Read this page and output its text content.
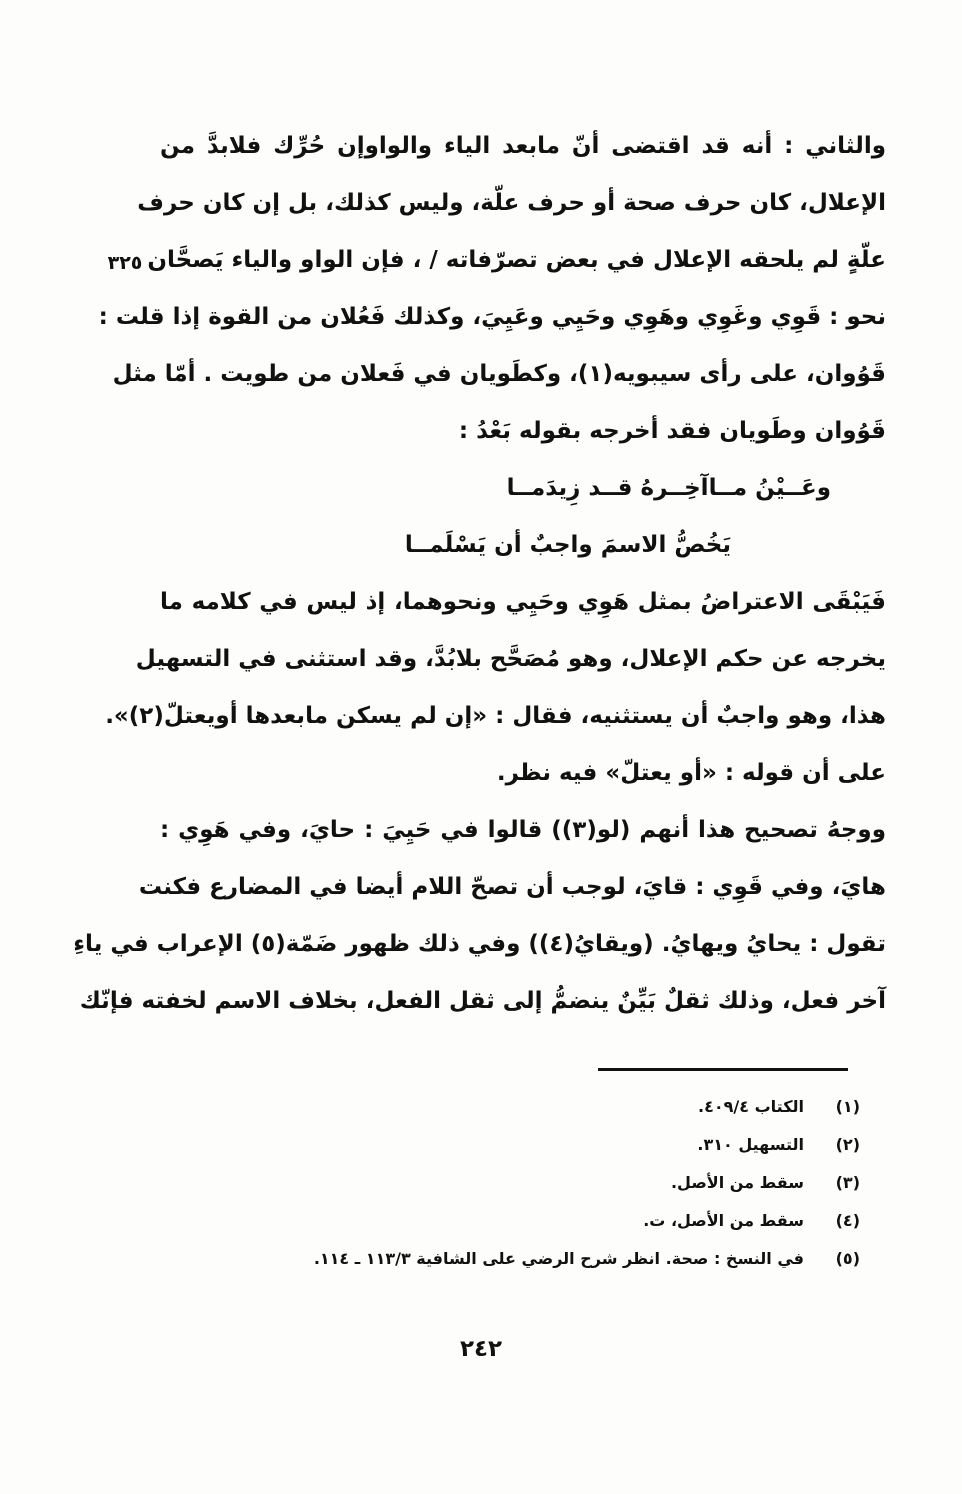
٣٢٥
والثاني : أنه قد اقتضى أنّ مابعد الياء والواوإن حُرِّك فلابدَّ من
الإعلال، كان حرف صحة أو حرف علّة، وليس كذلك، بل إن كان حرف
علّةٍ لم يلحقه الإعلال في بعض تصرّفاته / ، فإن الواو والياء يَصحَّان
نحو : قَوِي وغَوِي وهَوِي وحَيِي وعَيِيَ، وكذلك فَعُلان من القوة إذا قلت :
قَوُوان، على رأى سيبويه(١)، وكطَويان في فَعلان من طويت . أمّا مثل
قَوُوان وطَويان فقد أخرجه بقوله بَعْدُ :
وعَــيْنُ مــاآخِــرهُ قــد زِيدَمــا
يَخُصُّ الاسمَ واجبٌ أن يَسْلَمــا
فَيَبْقَى الاعتراضُ بمثل هَوِي وحَيِي ونحوهما، إذ ليس في كلامه ما
يخرجه عن حكم الإعلال، وهو مُصَحَّح بلابُدَّ، وقد استثنى في التسهيل
هذا، وهو واجبٌ أن يستثنيه، فقال : «إن لم يسكن مابعدها أويعتلّ(٢)».
على أن قوله : «أو يعتلّ» فيه نظر.
ووجهُ تصحيح هذا أنهم (لو(٣)) قالوا في حَيِيَ : حايَ، وفي هَوِي :
هايَ، وفي قَوِي : قايَ، لوجب أن تصحّ اللام أيضا في المضارع فكنت
تقول : يحايُ ويهايُ. (ويقايُ(٤)) وفي ذلك ظهور ضَمّة(٥) الإعراب في ياءِ
آخر فعل، وذلك ثقلٌ بَيِّنٌ ينضمُّ إلى ثقل الفعل، بخلاف الاسم لخفته فإنّك
(١)
الكتاب ٤٠٩/٤.
(٢)
التسهيل ٣١٠.
(٣)
سقط من الأصل.
(٤)
سقط من الأصل، ت.
(٥)
في النسخ : صحة. انظر شرح الرضي على الشافية ١١٣/٣ ـ ١١٤.
٢٤٢
